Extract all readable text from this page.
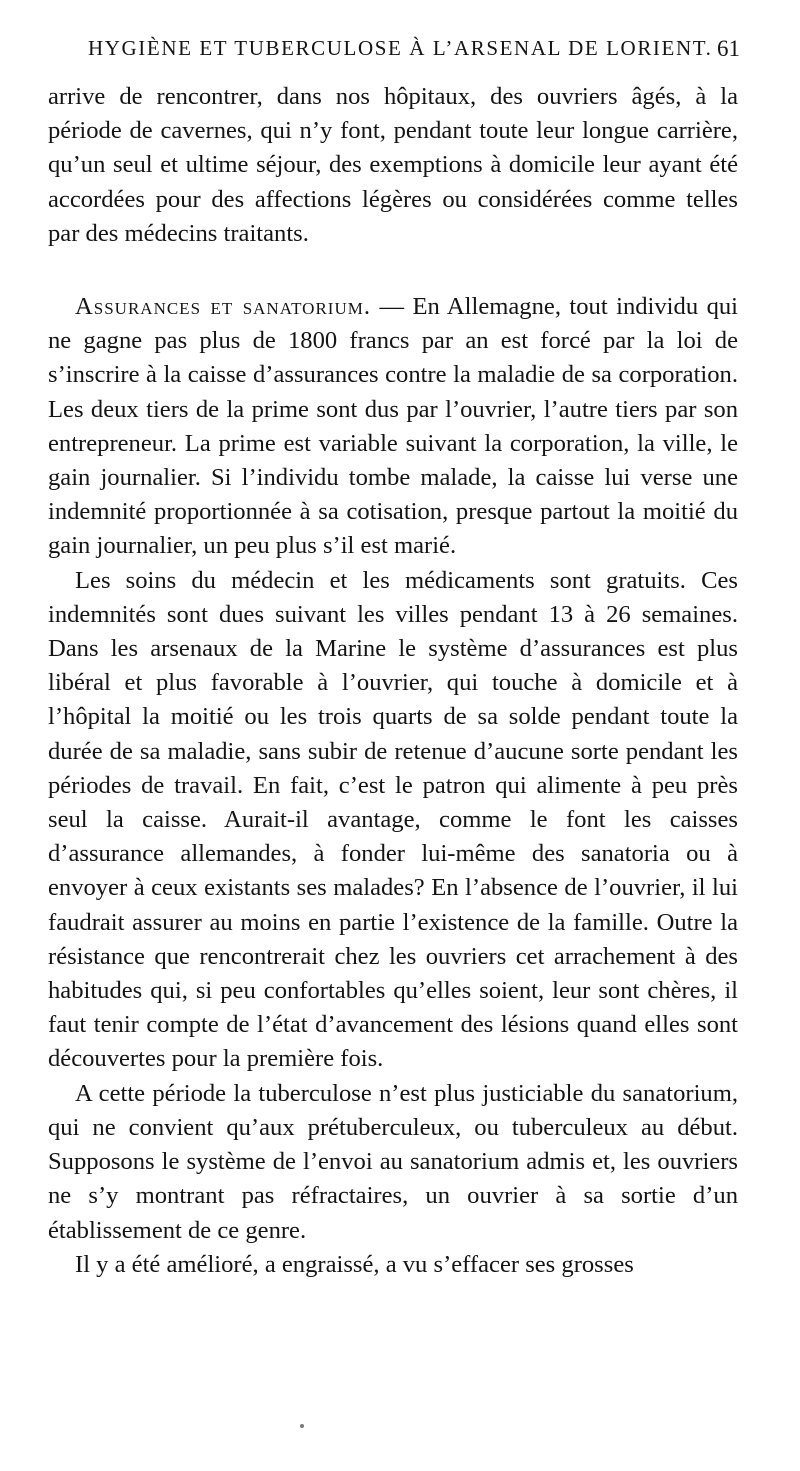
HYGIÈNE ET TUBERCULOSE À L’ARSENAL DE LORIENT. 61

arrive de rencontrer, dans nos hôpitaux, des ouvriers âgés, à la période de cavernes, qui n’y font, pendant toute leur longue carrière, qu’un seul et ultime séjour, des exemptions à domicile leur ayant été accordées pour des affections légères ou considérées comme telles par des médecins traitants.

Assurances et sanatorium. — En Allemagne, tout individu qui ne gagne pas plus de 1800 francs par an est forcé par la loi de s’inscrire à la caisse d’assurances contre la maladie de sa corporation. Les deux tiers de la prime sont dus par l’ouvrier, l’autre tiers par son entrepreneur. La prime est variable suivant la corporation, la ville, le gain journalier. Si l’individu tombe malade, la caisse lui verse une indemnité proportionnée à sa cotisation, presque partout la moitié du gain journalier, un peu plus s’il est marié.

Les soins du médecin et les médicaments sont gratuits. Ces indemnités sont dues suivant les villes pendant 13 à 26 semaines. Dans les arsenaux de la Marine le système d’assurances est plus libéral et plus favorable à l’ouvrier, qui touche à domicile et à l’hôpital la moitié ou les trois quarts de sa solde pendant toute la durée de sa maladie, sans subir de retenue d’aucune sorte pendant les périodes de travail. En fait, c’est le patron qui alimente à peu près seul la caisse. Aurait-il avantage, comme le font les caisses d’assurance allemandes, à fonder lui-même des sanatoria ou à envoyer à ceux existants ses malades? En l’absence de l’ouvrier, il lui faudrait assurer au moins en partie l’existence de la famille. Outre la résistance que rencontrerait chez les ouvriers cet arrachement à des habitudes qui, si peu confortables qu’elles soient, leur sont chères, il faut tenir compte de l’état d’avancement des lésions quand elles sont découvertes pour la première fois.

A cette période la tuberculose n’est plus justiciable du sanatorium, qui ne convient qu’aux prétuberculeux, ou tuberculeux au début. Supposons le système de l’envoi au sanatorium admis et, les ouvriers ne s’y montrant pas réfractaires, un ouvrier à sa sortie d’un établissement de ce genre.

Il y a été amélioré, a engraissé, a vu s’effacer ses grosses
